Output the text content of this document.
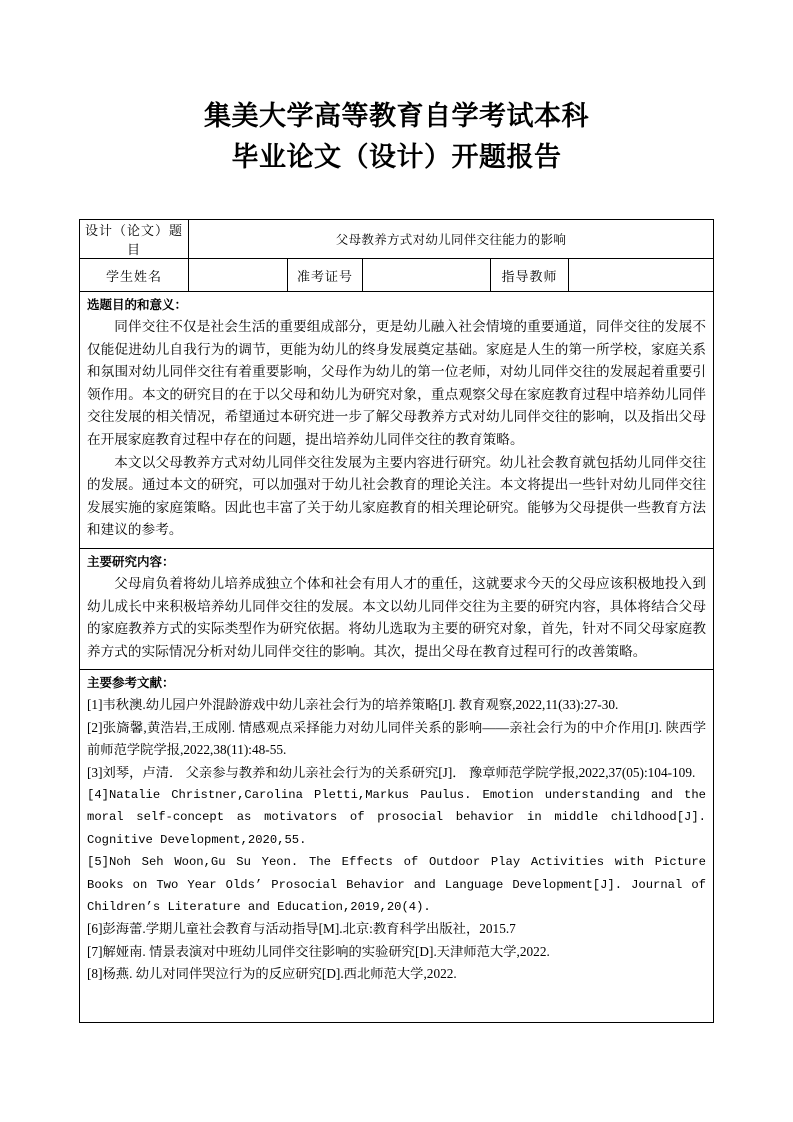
集美大学高等教育自学考试本科
毕业论文（设计）开题报告
设计（论文）题目	父母教养方式对幼儿同伴交往能力的影响				
学生姓名		准考证号		指导教师	

选题目的和意义：

同伴交往不仅是社会生活的重要组成部分，更是幼儿融入社会情境的重要通道，同伴交往的发展不仅能促进幼儿自我行为的调节，更能为幼儿的终身发展奠定基础。家庭是人生的第一所学校，家庭关系和氛围对幼儿同伴交往有着重要影响，父母作为幼儿的第一位老师，对幼儿同伴交往的发展起着重要引领作用。本文的研究目的在于以父母和幼儿为研究对象，重点观察父母在家庭教育过程中培养幼儿同伴交往发展的相关情况，希望通过本研究进一步了解父母教养方式对幼儿同伴交往的影响，以及指出父母在开展家庭教育过程中存在的问题，提出培养幼儿同伴交往的教育策略。

本文以父母教养方式对幼儿同伴交往发展为主要内容进行研究。幼儿社会教育就包括幼儿同伴交往的发展。通过本文的研究，可以加强对于幼儿社会教育的理论关注。本文将提出一些针对幼儿同伴交往发展实施的家庭策略。因此也丰富了关于幼儿家庭教育的相关理论研究。能够为父母提供一些教育方法和建议的参考。					

主要研究内容：

父母肩负着将幼儿培养成独立个体和社会有用人才的重任，这就要求今天的父母应该积极地投入到幼儿成长中来积极培养幼儿同伴交往的发展。本文以幼儿同伴交往为主要的研究内容，具体将结合父母的家庭教养方式的实际类型作为研究依据。将幼儿选取为主要的研究对象，首先，针对不同父母家庭教养方式的实际情况分析对幼儿同伴交往的影响。其次，提出父母在教育过程可行的改善策略。					

主要参考文献：

[1]韦秋澳.幼儿园户外混龄游戏中幼儿亲社会行为的培养策略[J]. 教育观察,2022,11(33):27-30.

[2]张旖馨,黄浩岩,王成刚. 情感观点采择能力对幼儿同伴关系的影响——亲社会行为的中介作用[J]. 陕西学前师范学院学报,2022,38(11):48-55.

[3]刘琴，卢清． 父亲参与教养和幼儿亲社会行为的关系研究[J]． 豫章师范学院学报,2022,37(05):104-109.

[4]Natalie Christner,Carolina Pletti,Markus Paulus. Emotion understanding and the moral self-concept as motivators of prosocial behavior in middle childhood[J]. Cognitive Development,2020,55.

[5]Noh Seh Woon,Gu Su Yeon. The Effects of Outdoor Play Activities with Picture Books on Two Year Olds’ Prosocial Behavior and Language Development[J]. Journal of Children’s Literature and Education,2019,20(4).

[6]彭海蕾.学期儿童社会教育与活动指导[M].北京:教育科学出版社，2015.7

[7]解娅南. 情景表演对中班幼儿同伴交往影响的实验研究[D].天津师范大学,2022.

[8]杨燕. 幼儿对同伴哭泣行为的反应研究[D].西北师范大学,2022.
